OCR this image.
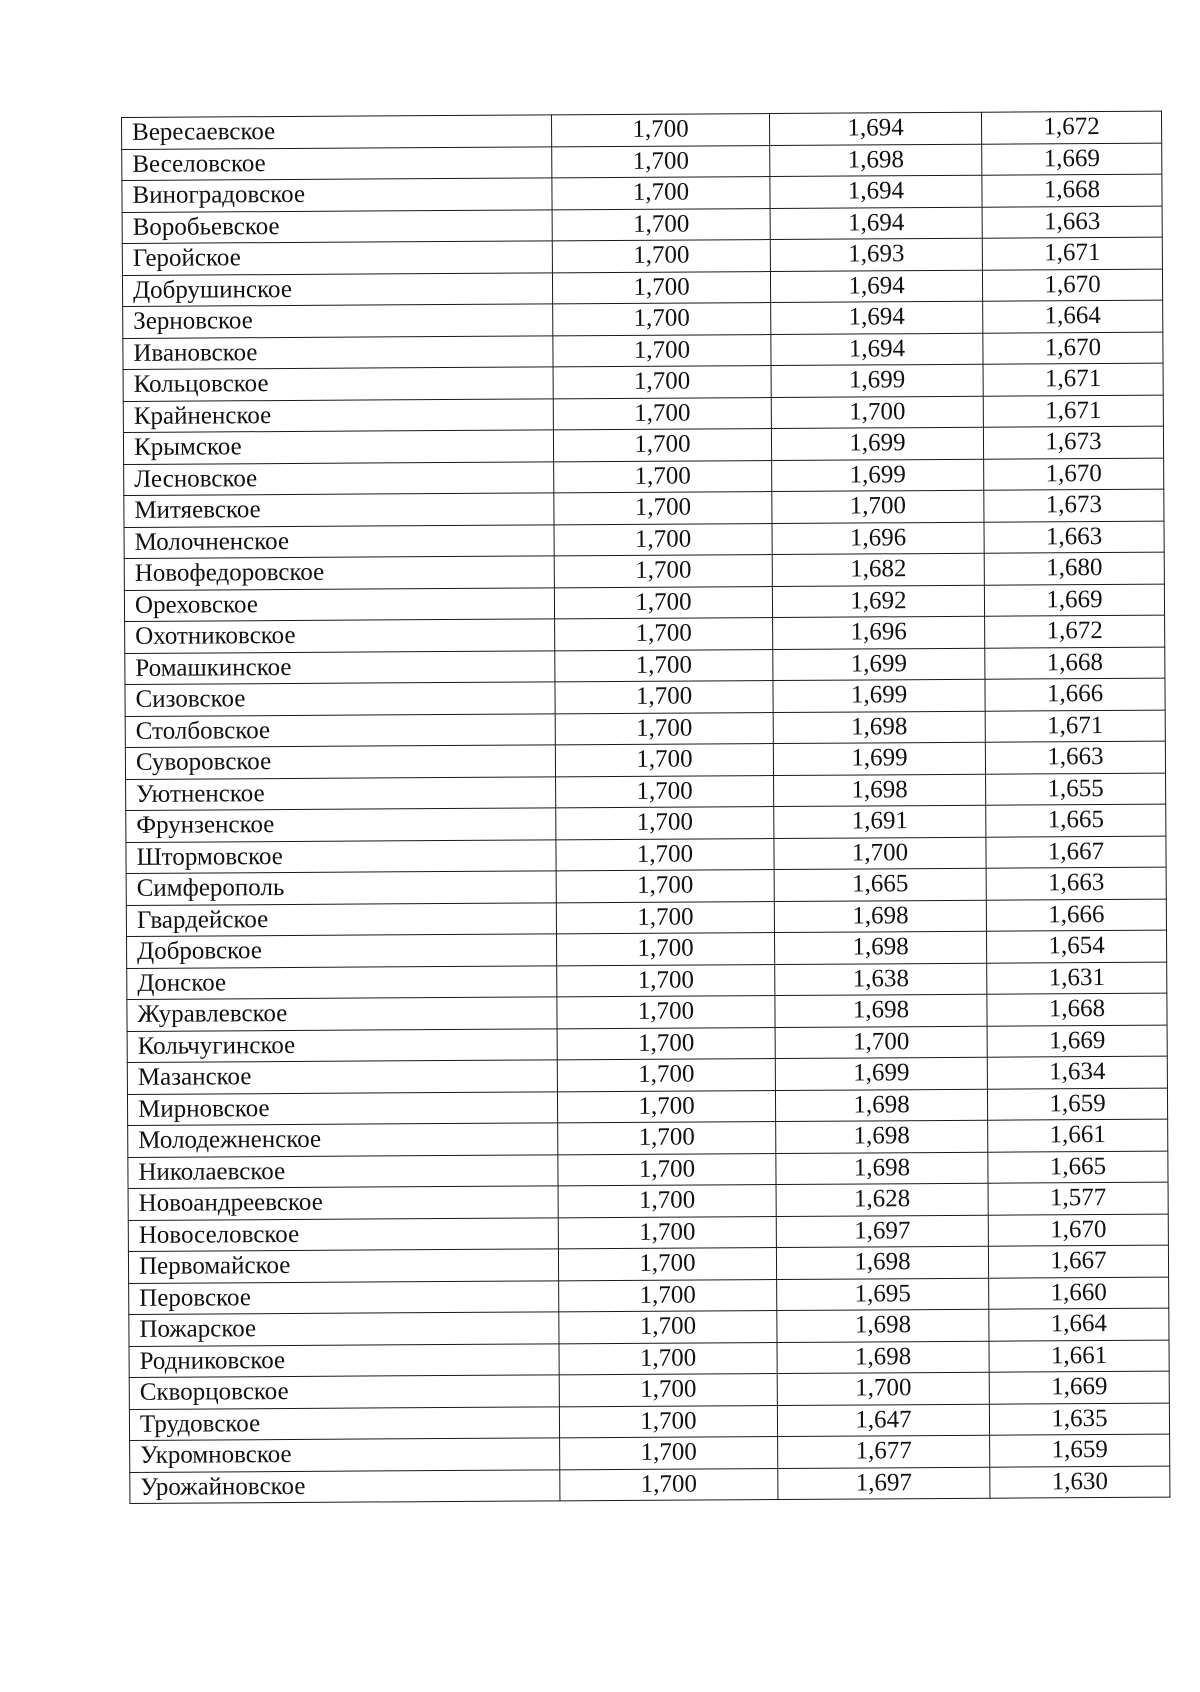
Вересаевское	1,700	1,694	1,672
Веселовское	1,700	1,698	1,669
Виноградовское	1,700	1,694	1,668
Воробьевское	1,700	1,694	1,663
Геройское	1,700	1,693	1,671
Добрушинское	1,700	1,694	1,670
Зерновское	1,700	1,694	1,664
Ивановское	1,700	1,694	1,670
Кольцовское	1,700	1,699	1,671
Крайненское	1,700	1,700	1,671
Крымское	1,700	1,699	1,673
Лесновское	1,700	1,699	1,670
Митяевское	1,700	1,700	1,673
Молочненское	1,700	1,696	1,663
Новофедоровское	1,700	1,682	1,680
Ореховское	1,700	1,692	1,669
Охотниковское	1,700	1,696	1,672
Ромашкинское	1,700	1,699	1,668
Сизовское	1,700	1,699	1,666
Столбовское	1,700	1,698	1,671
Суворовское	1,700	1,699	1,663
Уютненское	1,700	1,698	1,655
Фрунзенское	1,700	1,691	1,665
Штормовское	1,700	1,700	1,667
Симферополь	1,700	1,665	1,663
Гвардейское	1,700	1,698	1,666
Добровское	1,700	1,698	1,654
Донское	1,700	1,638	1,631
Журавлевское	1,700	1,698	1,668
Кольчугинское	1,700	1,700	1,669
Мазанское	1,700	1,699	1,634
Мирновское	1,700	1,698	1,659
Молодежненское	1,700	1,698	1,661
Николаевское	1,700	1,698	1,665
Новоандреевское	1,700	1,628	1,577
Новоселовское	1,700	1,697	1,670
Первомайское	1,700	1,698	1,667
Перовское	1,700	1,695	1,660
Пожарское	1,700	1,698	1,664
Родниковское	1,700	1,698	1,661
Скворцовское	1,700	1,700	1,669
Трудовское	1,700	1,647	1,635
Укромновское	1,700	1,677	1,659
Урожайновское	1,700	1,697	1,630
